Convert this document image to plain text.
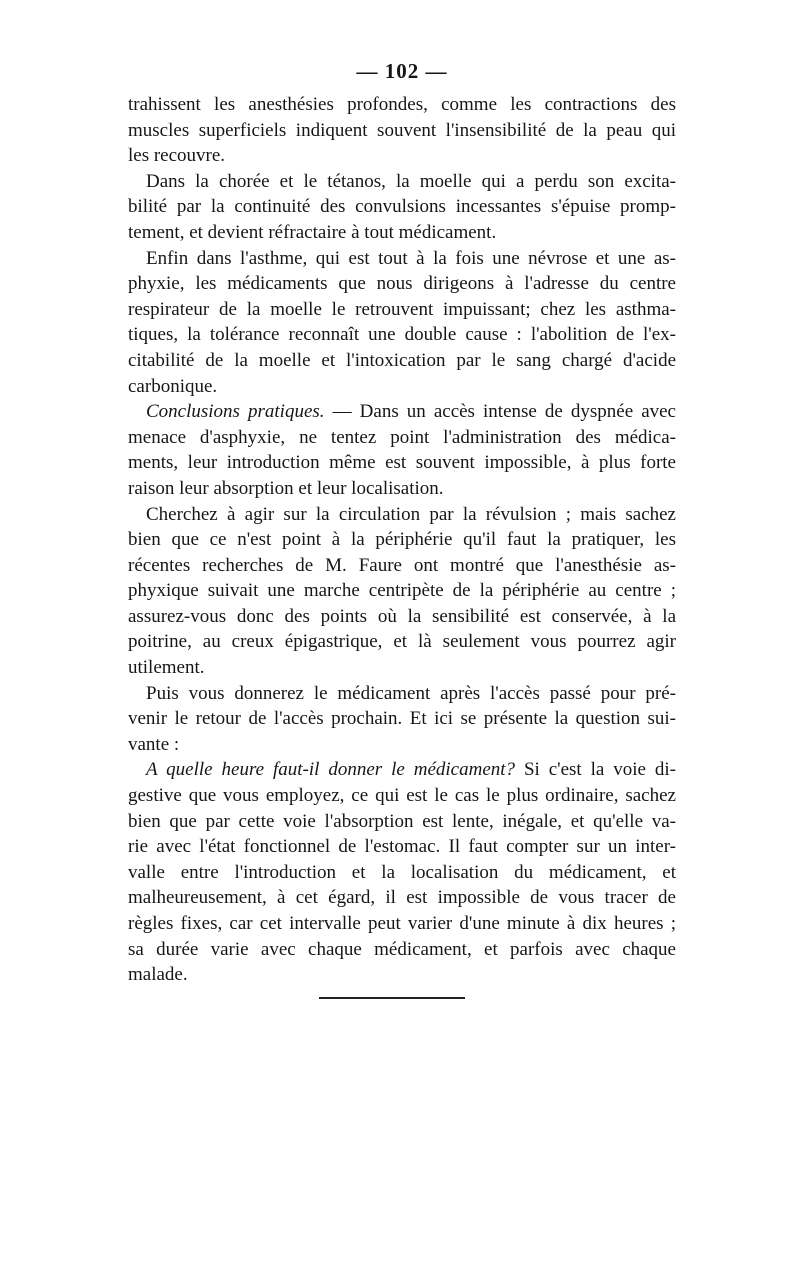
— 102 —

trahissent les anesthésies profondes, comme les contractions des
muscles superficiels indiquent souvent l'insensibilité de la peau qui
les recouvre.

Dans la chorée et le tétanos, la moelle qui a perdu son excita-
bilité par la continuité des convulsions incessantes s'épuise promp-
tement, et devient réfractaire à tout médicament.

Enfin dans l'asthme, qui est tout à la fois une névrose et une as-
phyxie, les médicaments que nous dirigeons à l'adresse du centre
respirateur de la moelle le retrouvent impuissant; chez les asthma-
tiques, la tolérance reconnaît une double cause : l'abolition de l'ex-
citabilité de la moelle et l'intoxication par le sang chargé d'acide
carbonique.

Conclusions pratiques. — Dans un accès intense de dyspnée avec
menace d'asphyxie, ne tentez point l'administration des médica-
ments, leur introduction même est souvent impossible, à plus forte
raison leur absorption et leur localisation.

Cherchez à agir sur la circulation par la révulsion ; mais sachez
bien que ce n'est point à la périphérie qu'il faut la pratiquer, les
récentes recherches de M. Faure ont montré que l'anesthésie as-
phyxique suivait une marche centripète de la périphérie au centre ;
assurez-vous donc des points où la sensibilité est conservée, à la
poitrine, au creux épigastrique, et là seulement vous pourrez agir
utilement.

Puis vous donnerez le médicament après l'accès passé pour pré-
venir le retour de l'accès prochain. Et ici se présente la question sui-
vante :

A quelle heure faut-il donner le médicament? Si c'est la voie di-
gestive que vous employez, ce qui est le cas le plus ordinaire, sachez
bien que par cette voie l'absorption est lente, inégale, et qu'elle va-
rie avec l'état fonctionnel de l'estomac. Il faut compter sur un inter-
valle entre l'introduction et la localisation du médicament, et
malheureusement, à cet égard, il est impossible de vous tracer de
règles fixes, car cet intervalle peut varier d'une minute à dix heures ;
sa durée varie avec chaque médicament, et parfois avec chaque
malade.
